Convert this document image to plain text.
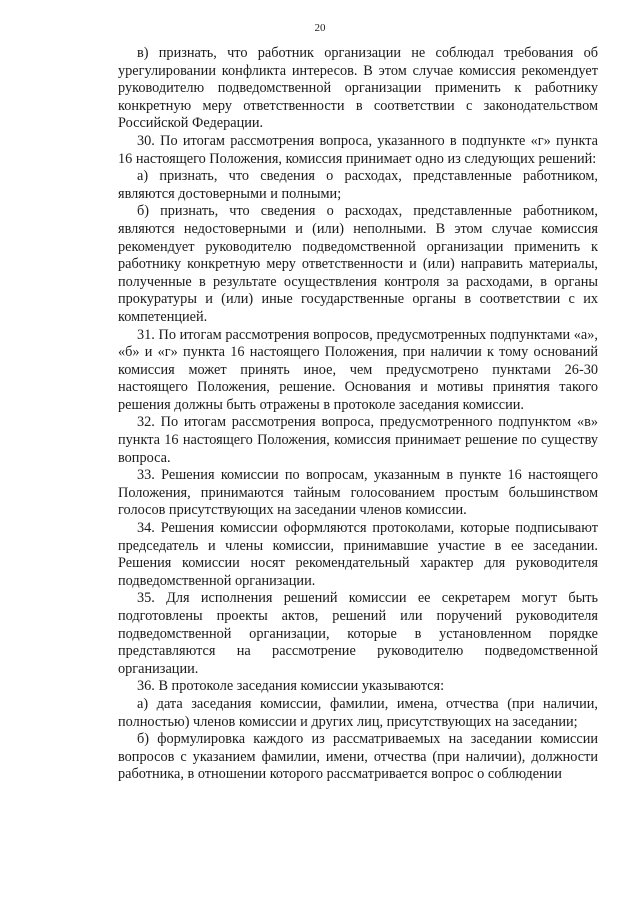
20

в) признать, что работник организации не соблюдал требования об урегулировании конфликта интересов. В этом случае комиссия рекомендует руководителю подведомственной организации применить к работнику конкретную меру ответственности в соответствии с законодательством Российской Федерации.

30. По итогам рассмотрения вопроса, указанного в подпункте «г» пункта 16 настоящего Положения, комиссия принимает одно из следующих решений:

а) признать, что сведения о расходах, представленные работником, являются достоверными и полными;

б) признать, что сведения о расходах, представленные работником, являются недостоверными и (или) неполными. В этом случае комиссия рекомендует руководителю подведомственной организации применить к работнику конкретную меру ответственности и (или) направить материалы, полученные в результате осуществления контроля за расходами, в органы прокуратуры и (или) иные государственные органы в соответствии с их компетенцией.

31. По итогам рассмотрения вопросов, предусмотренных подпунктами «а», «б» и «г» пункта 16 настоящего Положения, при наличии к тому оснований комиссия может принять иное, чем предусмотрено пунктами 26-30 настоящего Положения, решение. Основания и мотивы принятия такого решения должны быть отражены в протоколе заседания комиссии.

32. По итогам рассмотрения вопроса, предусмотренного подпунктом «в» пункта 16 настоящего Положения, комиссия принимает решение по существу вопроса.

33. Решения комиссии по вопросам, указанным в пункте 16 настоящего Положения, принимаются тайным голосованием простым большинством голосов присутствующих на заседании членов комиссии.

34. Решения комиссии оформляются протоколами, которые подписывают председатель и члены комиссии, принимавшие участие в ее заседании. Решения комиссии носят рекомендательный характер для руководителя подведомственной организации.

35. Для исполнения решений комиссии ее секретарем могут быть подготовлены проекты актов, решений или поручений руководителя подведомственной организации, которые в установленном порядке представляются на рассмотрение руководителю подведомственной организации.

36. В протоколе заседания комиссии указываются:

а) дата заседания комиссии, фамилии, имена, отчества (при наличии, полностью) членов комиссии и других лиц, присутствующих на заседании;

б) формулировка каждого из рассматриваемых на заседании комиссии вопросов с указанием фамилии, имени, отчества (при наличии), должности работника, в отношении которого рассматривается вопрос о соблюдении
